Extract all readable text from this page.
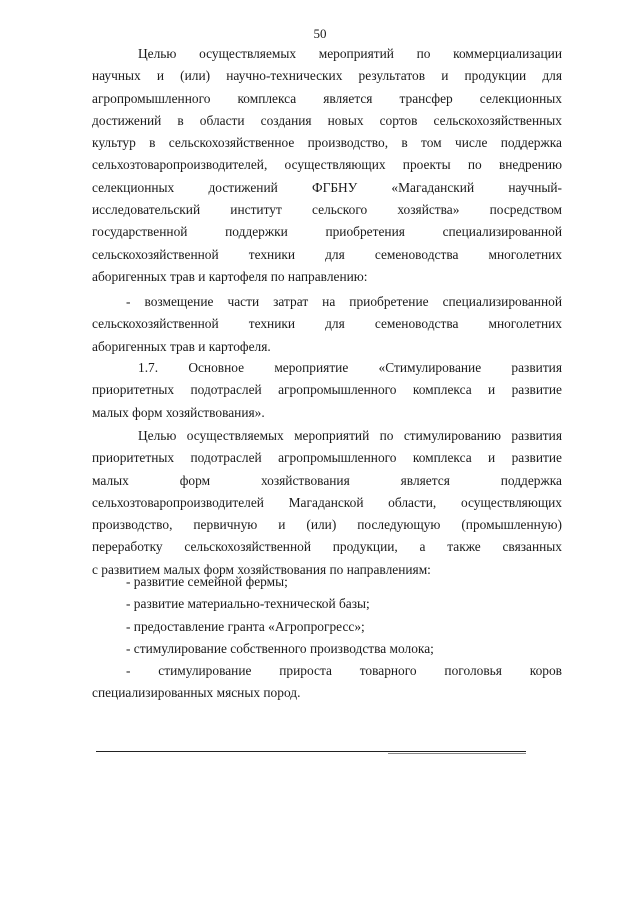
50
Целью осуществляемых мероприятий по коммерциализации
научных и (или) научно-технических результатов и продукции для
агропромышленного комплекса является трансфер селекционных
достижений в области создания новых сортов сельскохозяйственных
культур в сельскохозяйственное производство, в том числе поддержка
сельхозтоваропроизводителей, осуществляющих проекты по внедрению
селекционных достижений ФГБНУ «Магаданский научный-
исследовательский институт сельского хозяйства» посредством
государственной поддержки приобретения специализированной
сельскохозяйственной техники для семеноводства многолетних
аборигенных трав и картофеля по направлению:
- возмещение части затрат на приобретение специализированной
сельскохозяйственной техники для семеноводства многолетних
аборигенных трав и картофеля.
1.7. Основное мероприятие «Стимулирование развития
приоритетных подотраслей агропромышленного комплекса и развитие
малых форм хозяйствования».
Целью осуществляемых мероприятий по стимулированию развития
приоритетных подотраслей агропромышленного комплекса и развитие
малых форм хозяйствования является поддержка
сельхозтоваропроизводителей Магаданской области, осуществляющих
производство, первичную и (или) последующую (промышленную)
переработку сельскохозяйственной продукции, а также связанных
с развитием малых форм хозяйствования по направлениям:
- развитие семейной фермы;
- развитие материально-технической базы;
- предоставление гранта «Агропрогресс»;
- стимулирование собственного производства молока;
- стимулирование прироста товарного поголовья коров
специализированных мясных пород.
